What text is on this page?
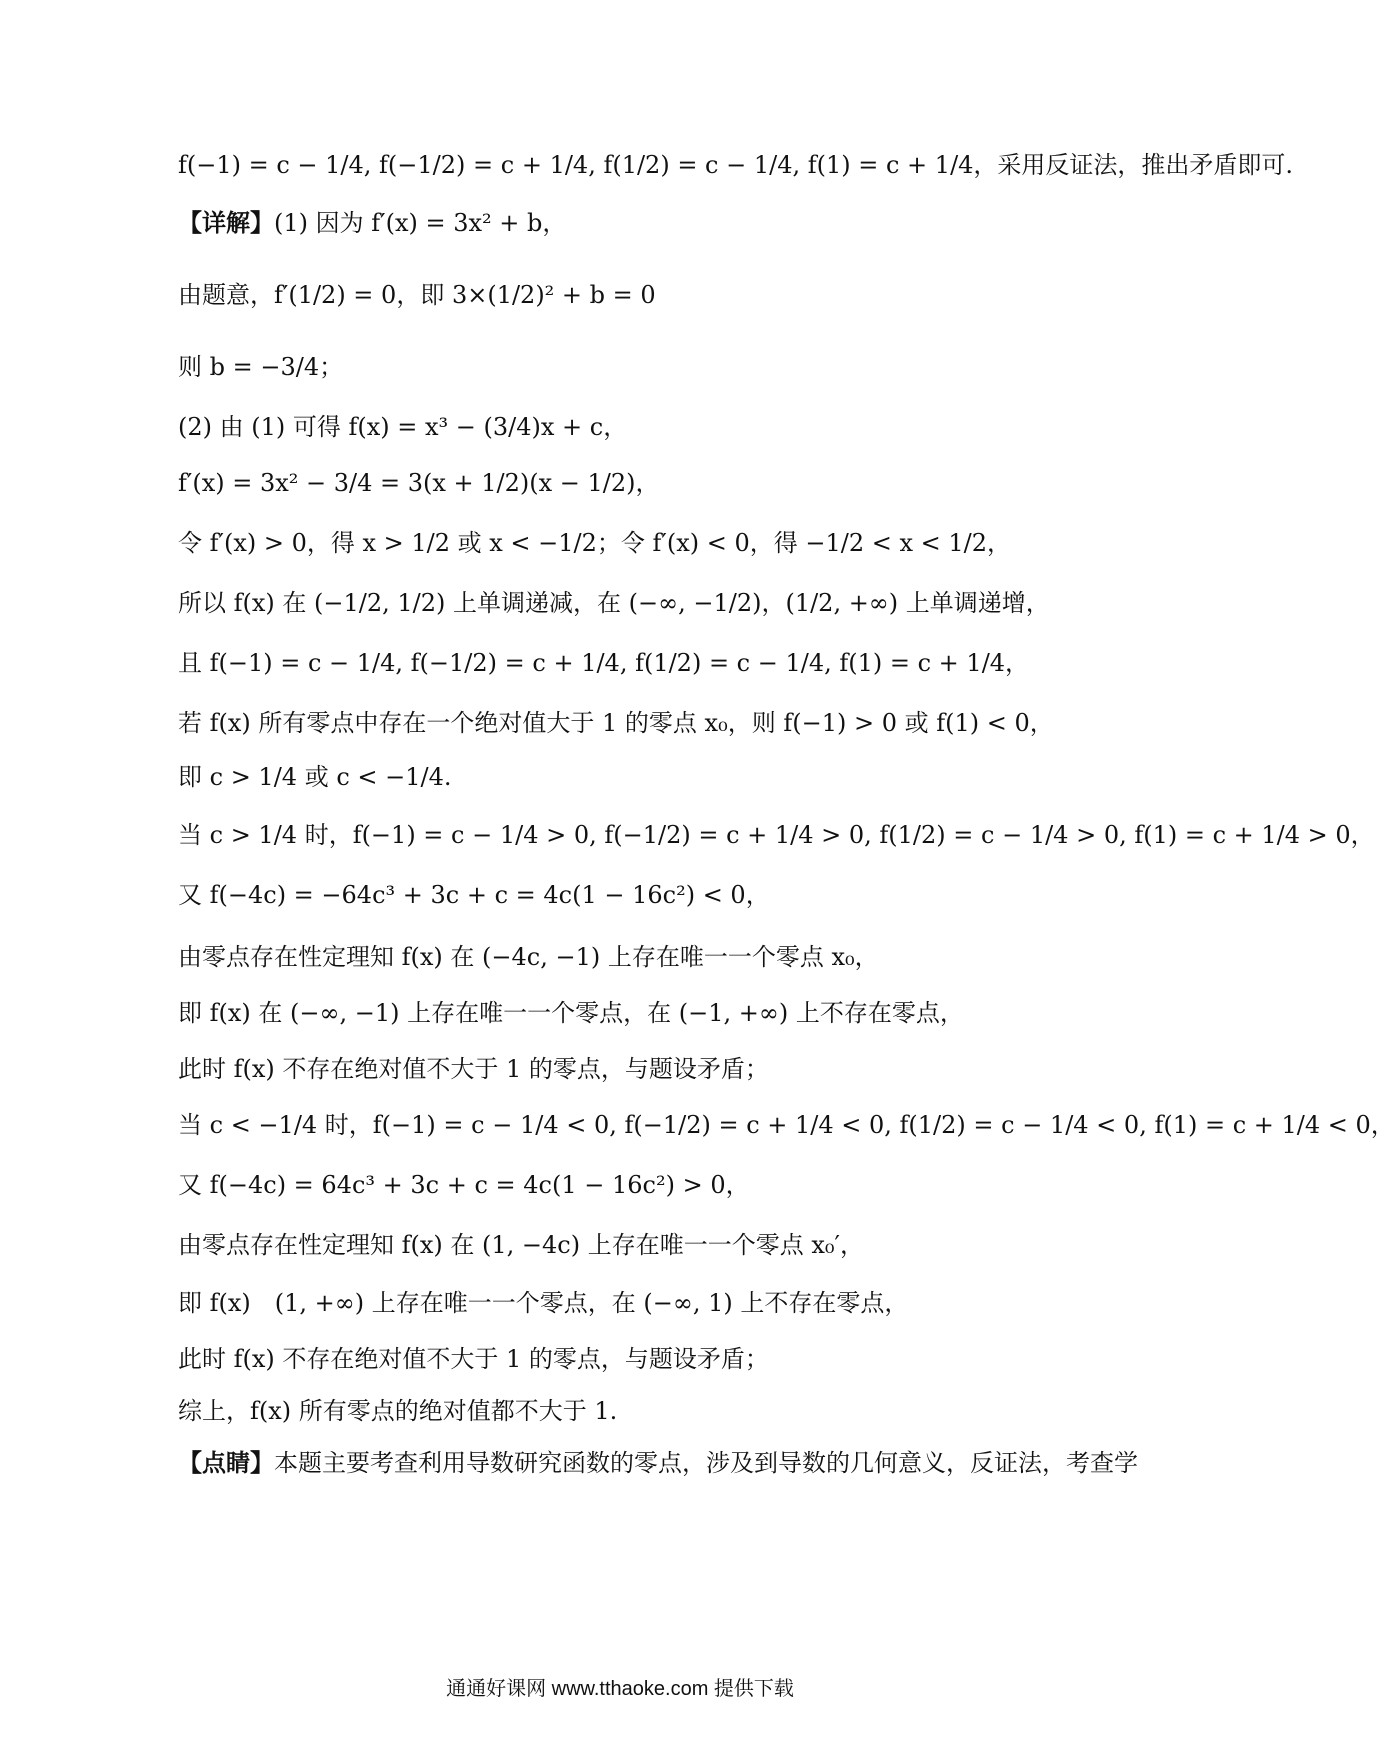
f(−1) = c − 1/4, f(−1/2) = c + 1/4, f(1/2) = c − 1/4, f(1) = c + 1/4，采用反证法，推出矛盾即可.
【详解】(1) 因为 f′(x) = 3x² + b，
由题意，f′(1/2) = 0，即 3×(1/2)² + b = 0
则 b = −3/4；
(2) 由 (1) 可得 f(x) = x³ − (3/4)x + c，
f′(x) = 3x² − 3/4 = 3(x + 1/2)(x − 1/2)，
令 f′(x) > 0，得 x > 1/2 或 x < −1/2；令 f′(x) < 0，得 −1/2 < x < 1/2，
所以 f(x) 在 (−1/2, 1/2) 上单调递减，在 (−∞, −1/2)，(1/2, +∞) 上单调递增，
且 f(−1) = c − 1/4, f(−1/2) = c + 1/4, f(1/2) = c − 1/4, f(1) = c + 1/4，
若 f(x) 所有零点中存在一个绝对值大于 1 的零点 x₀，则 f(−1) > 0 或 f(1) < 0，
即 c > 1/4 或 c < −1/4.
当 c > 1/4 时，f(−1) = c − 1/4 > 0, f(−1/2) = c + 1/4 > 0, f(1/2) = c − 1/4 > 0, f(1) = c + 1/4 > 0，
又 f(−4c) = −64c³ + 3c + c = 4c(1 − 16c²) < 0，
由零点存在性定理知 f(x) 在 (−4c, −1) 上存在唯一一个零点 x₀，
即 f(x) 在 (−∞, −1) 上存在唯一一个零点，在 (−1, +∞) 上不存在零点，
此时 f(x) 不存在绝对值不大于 1 的零点，与题设矛盾；
当 c < −1/4 时，f(−1) = c − 1/4 < 0, f(−1/2) = c + 1/4 < 0, f(1/2) = c − 1/4 < 0, f(1) = c + 1/4 < 0，
又 f(−4c) = 64c³ + 3c + c = 4c(1 − 16c²) > 0，
由零点存在性定理知 f(x) 在 (1, −4c) 上存在唯一一个零点 x₀′，
即 f(x)　(1, +∞) 上存在唯一一个零点，在 (−∞, 1) 上不存在零点，
此时 f(x) 不存在绝对值不大于 1 的零点，与题设矛盾；
综上，f(x) 所有零点的绝对值都不大于 1.
【点睛】本题主要考查利用导数研究函数的零点，涉及到导数的几何意义，反证法，考查学
通通好课网 www.tthaoke.com 提供下载
